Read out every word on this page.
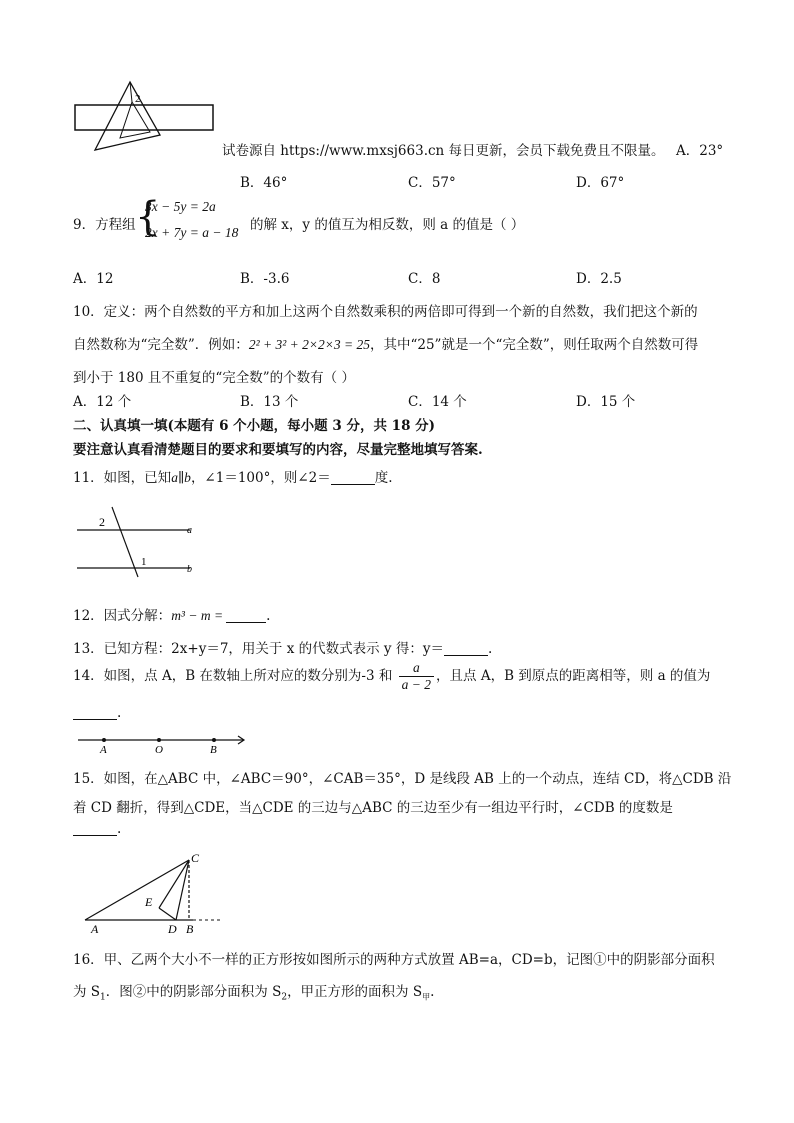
2
试卷源自 https://www.mxsj663.cn 每日更新，会员下载免费且不限量。 A．23°
B．46°	C．57°	D．67°
9．方程组 {
3x − 5y = 2a
2x + 7y = a − 18 的解 x，y 的值互为相反数，则 a 的值是（ ）
A．12	B．-3.6	C．8	D．2.5
10．定义：两个自然数的平方和加上这两个自然数乘积的两倍即可得到一个新的自然数，我们把这个新的
自然数称为“完全数”．例如：2² + 3² + 2×2×3 = 25，其中“25”就是一个“完全数”，则任取两个自然数可得
到小于 180 且不重复的“完全数”的个数有（ ）
A．12 个	B．13 个	C．14 个	D．15 个
二、认真填一填(本题有 6 个小题，每小题 3 分，共 18 分)
要注意认真看清楚题目的要求和要填写的内容，尽量完整地填写答案.
11．如图，已知a∥b，∠1＝100°，则∠2＝	度.
2
1
a
b
12．因式分解：m³ − m =	.
13．已知方程：2x+y＝7，用关于 x 的代数式表示 y 得：y＝	.
14．如图，点 A，B 在数轴上所对应的数分别为-3 和 $\frac{a}{a - 2}$ ，且点 A，B 到原点的距离相等，则 a 的值为
.
A	O	B
15．如图，在△ABC 中，∠ABC＝90°，∠CAB＝35°，D 是线段 AB 上的一个动点，连结 CD，将△CDB 沿
着 CD 翻折，得到△CDE，当△CDE 的三边与△ABC 的三边至少有一组边平行时，∠CDB 的度数是
.
C
E
A	D B
16．甲、乙两个大小不一样的正方形按如图所示的两种方式放置 AB=a，CD=b，记图①中的阴影部分面积
为 $S_1$．图②中的阴影部分面积为 $S_2$，甲正方形的面积为 $S_甲$.
